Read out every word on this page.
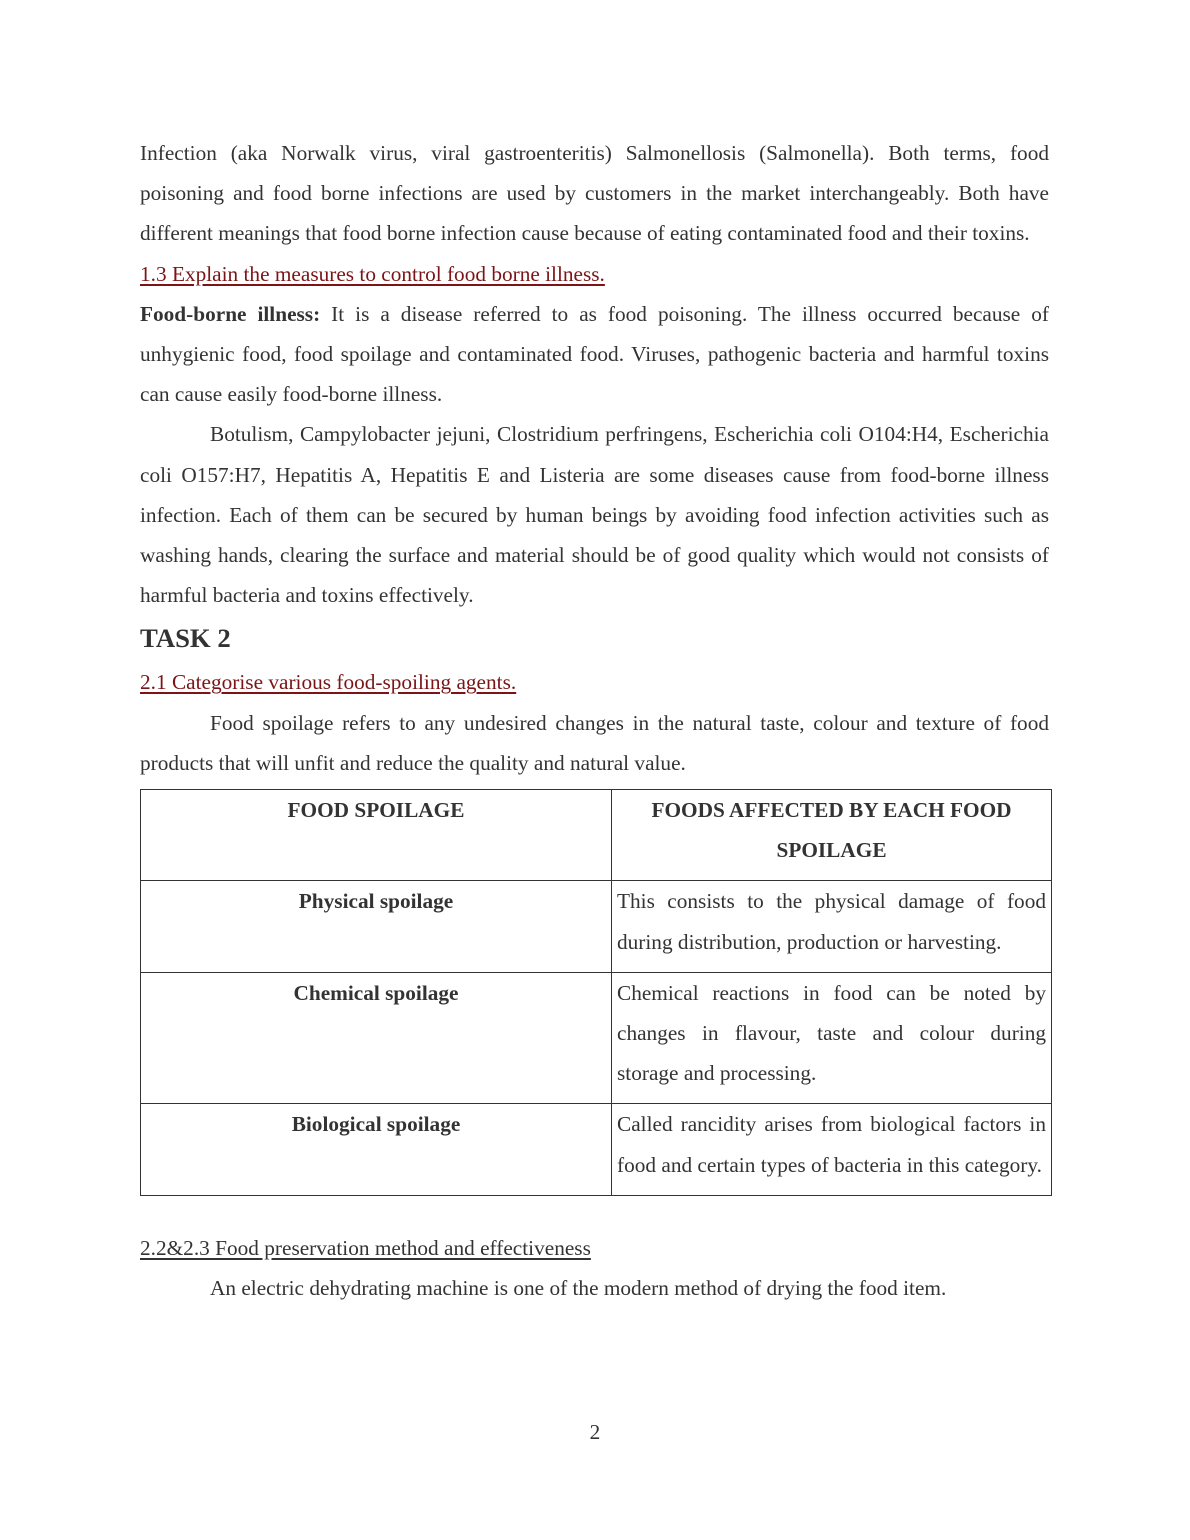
Infection (aka Norwalk virus, viral gastroenteritis) Salmonellosis (Salmonella). Both terms, food poisoning and food borne infections are used by customers in the market interchangeably. Both have different meanings that food borne infection cause because of eating contaminated food and their toxins.

1.3 Explain the measures to control food borne illness.

Food-borne illness: It is a disease referred to as food poisoning. The illness occurred because of unhygienic food, food spoilage and contaminated food. Viruses, pathogenic bacteria and harmful toxins can cause easily food-borne illness.

Botulism, Campylobacter jejuni, Clostridium perfringens, Escherichia coli O104:H4, Escherichia coli O157:H7, Hepatitis A, Hepatitis E and Listeria are some diseases cause from food-borne illness infection. Each of them can be secured by human beings by avoiding food infection activities such as washing hands, clearing the surface and material should be of good quality which would not consists of harmful bacteria and toxins effectively.

TASK 2

2.1 Categorise various food-spoiling agents.

Food spoilage refers to any undesired changes in the natural taste, colour and texture of food products that will unfit and reduce the quality and natural value.

FOOD SPOILAGE	FOODS AFFECTED BY EACH FOOD SPOILAGE
Physical spoilage	This consists to the physical damage of food during distribution, production or harvesting.
Chemical spoilage	Chemical reactions in food can be noted by changes in flavour, taste and colour during storage and processing.
Biological spoilage	Called rancidity arises from biological factors in food and certain types of bacteria in this category.

2.2&2.3 Food preservation method and effectiveness

An electric dehydrating machine is one of the modern method of drying the food item.

2
